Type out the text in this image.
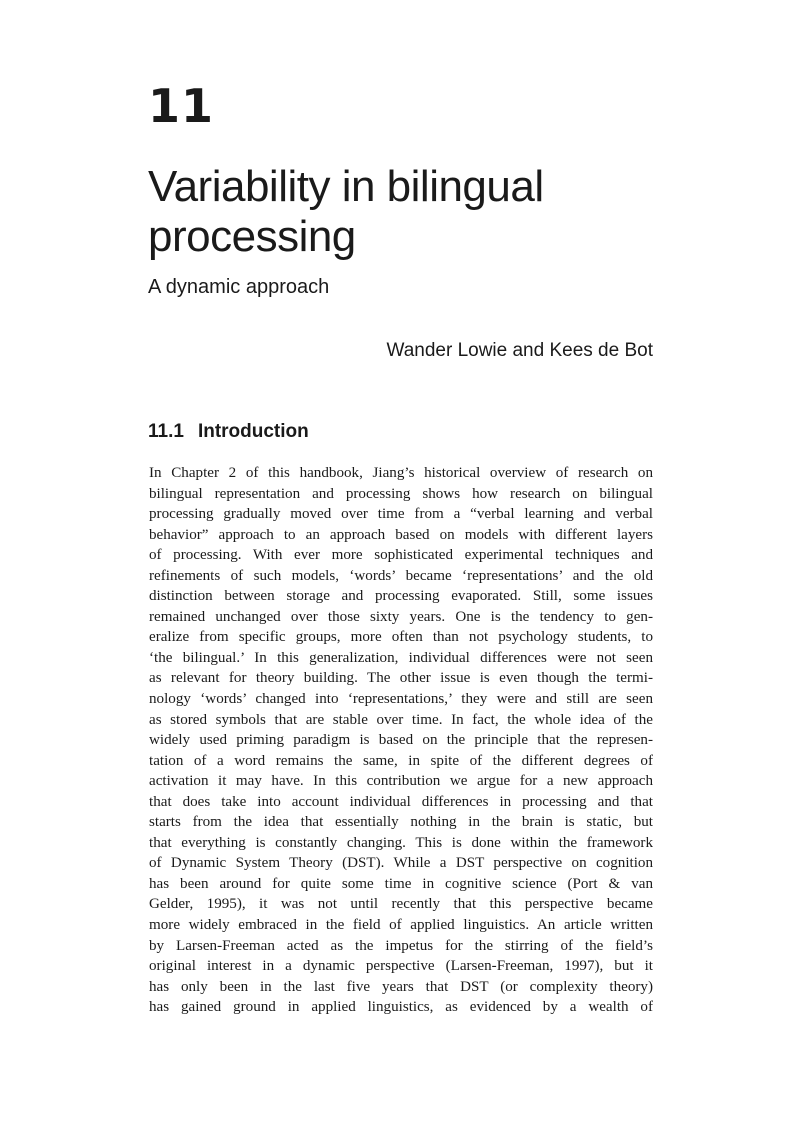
11
Variability in bilingual processing
A dynamic approach
Wander Lowie and Kees de Bot
11.1 Introduction
In Chapter 2 of this handbook, Jiang’s historical overview of research on
bilingual representation and processing shows how research on bilingual
processing gradually moved over time from a “verbal learning and verbal
behavior” approach to an approach based on models with different layers
of processing. With ever more sophisticated experimental techniques and
refinements of such models, ‘words’ became ‘representations’ and the old
distinction between storage and processing evaporated. Still, some issues
remained unchanged over those sixty years. One is the tendency to gen-
eralize from specific groups, more often than not psychology students, to
‘the bilingual.’ In this generalization, individual differences were not seen
as relevant for theory building. The other issue is even though the termi-
nology ‘words’ changed into ‘representations,’ they were and still are seen
as stored symbols that are stable over time. In fact, the whole idea of the
widely used priming paradigm is based on the principle that the represen-
tation of a word remains the same, in spite of the different degrees of
activation it may have. In this contribution we argue for a new approach
that does take into account individual differences in processing and that
starts from the idea that essentially nothing in the brain is static, but
that everything is constantly changing. This is done within the framework
of Dynamic System Theory (DST). While a DST perspective on cognition
has been around for quite some time in cognitive science (Port & van
Gelder, 1995), it was not until recently that this perspective became
more widely embraced in the field of applied linguistics. An article written
by Larsen-Freeman acted as the impetus for the stirring of the field’s
original interest in a dynamic perspective (Larsen-Freeman, 1997), but it
has only been in the last five years that DST (or complexity theory)
has gained ground in applied linguistics, as evidenced by a wealth of
